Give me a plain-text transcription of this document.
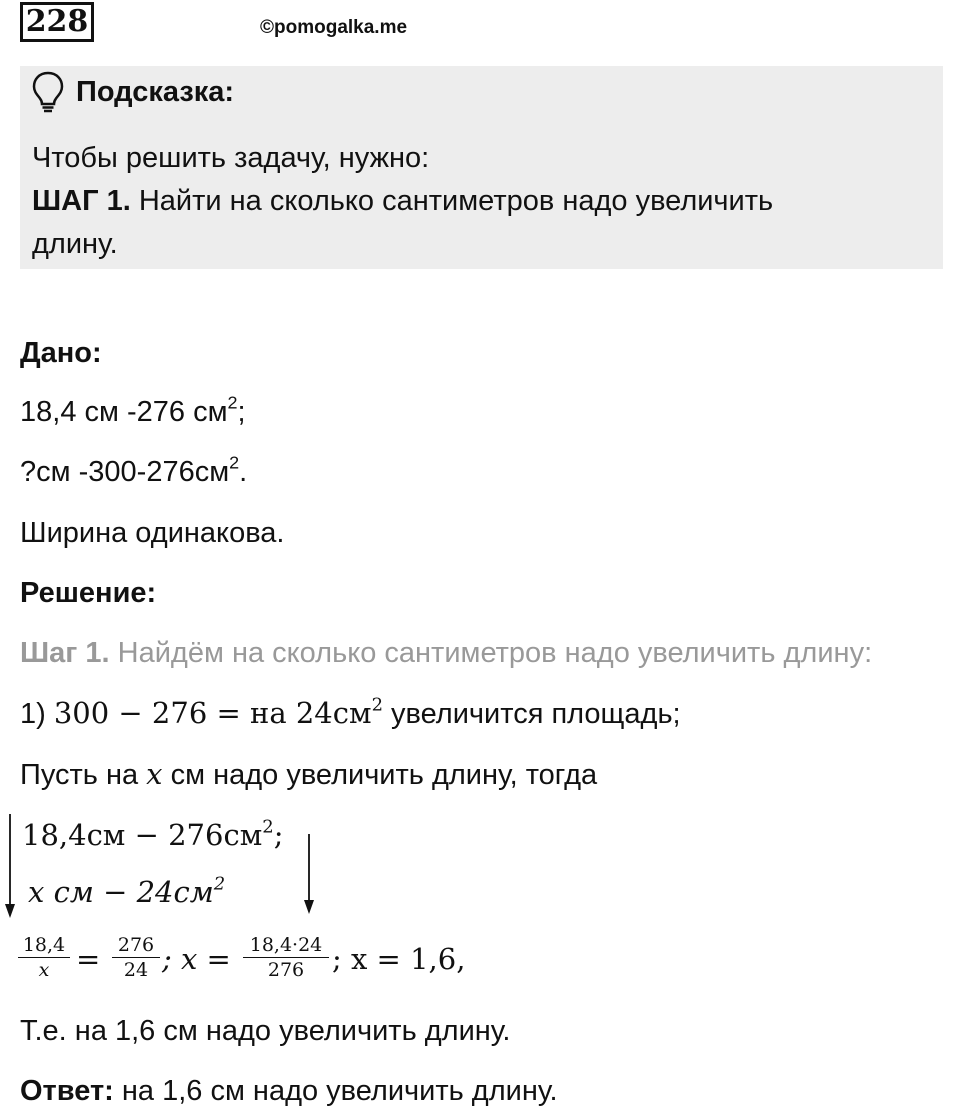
228	©pomogalka.me
Подсказка:
Чтобы решить задачу, нужно:
ШАГ 1. Найти на сколько сантиметров надо увеличить
длину.
Дано:
18,4 см -276 $см^2$;
?см $-300-276см^2$.
Ширина одинакова.
Решение:
Шаг 1. Найдём на сколько сантиметров надо увеличить длину:
1) 300 − 276 = на $24см^2$ увеличится площадь;
Пусть на x см надо увеличить длину, тогда
$18,4см - 276см^2$;
x см − $24см^2$
$\frac{18,4}{x} = \frac{276}{24}$ ; $x = \frac{18,4\cdot 24}{276}$ ; x = 1,6,
Т.е. на 1,6 см надо увеличить длину.
Ответ: на 1,6 см надо увеличить длину.
